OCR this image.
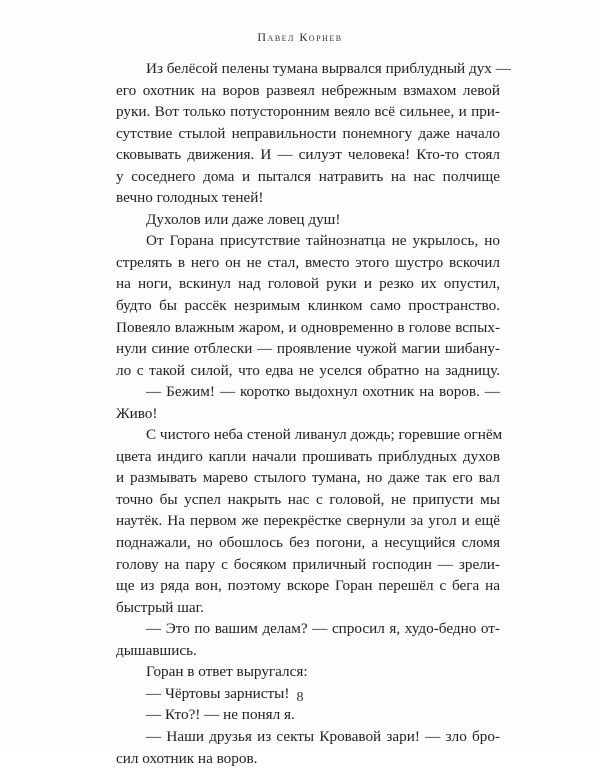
Павел Корнев
Из белёсой пелены тумана вырвался приблудный дух —
его охотник на воров развеял небрежным взмахом левой
руки. Вот только потусторонним веяло всё сильнее, и при-
сутствие стылой неправильности понемногу даже начало
сковывать движения. И — силуэт человека! Кто-то стоял
у соседнего дома и пытался натравить на нас полчище
вечно голодных теней!
Духолов или даже ловец душ!
От Горана присутствие тайнознатца не укрылось, но
стрелять в него он не стал, вместо этого шустро вскочил
на ноги, вскинул над головой руки и резко их опустил,
будто бы рассёк незримым клинком само пространство.
Повеяло влажным жаром, и одновременно в голове вспых-
нули синие отблески — проявление чужой магии шибану-
ло с такой силой, что едва не уселся обратно на задницу.
— Бежим! — коротко выдохнул охотник на воров. —
Живо!
С чистого неба стеной ливанул дождь; горевшие огнём
цвета индиго капли начали прошивать приблудных духов
и размывать марево стылого тумана, но даже так его вал
точно бы успел накрыть нас с головой, не припусти мы
наутёк. На первом же перекрёстке свернули за угол и ещё
поднажали, но обошлось без погони, а несущийся сломя
голову на пару с босяком приличный господин — зрели-
ще из ряда вон, поэтому вскоре Горан перешёл с бега на
быстрый шаг.
— Это по вашим делам? — спросил я, худо-бедно от-
дышавшись.
Горан в ответ выругался:
— Чёртовы зарнисты!
— Кто?! — не понял я.
— Наши друзья из секты Кровавой зари! — зло бро-
сил охотник на воров.
8
